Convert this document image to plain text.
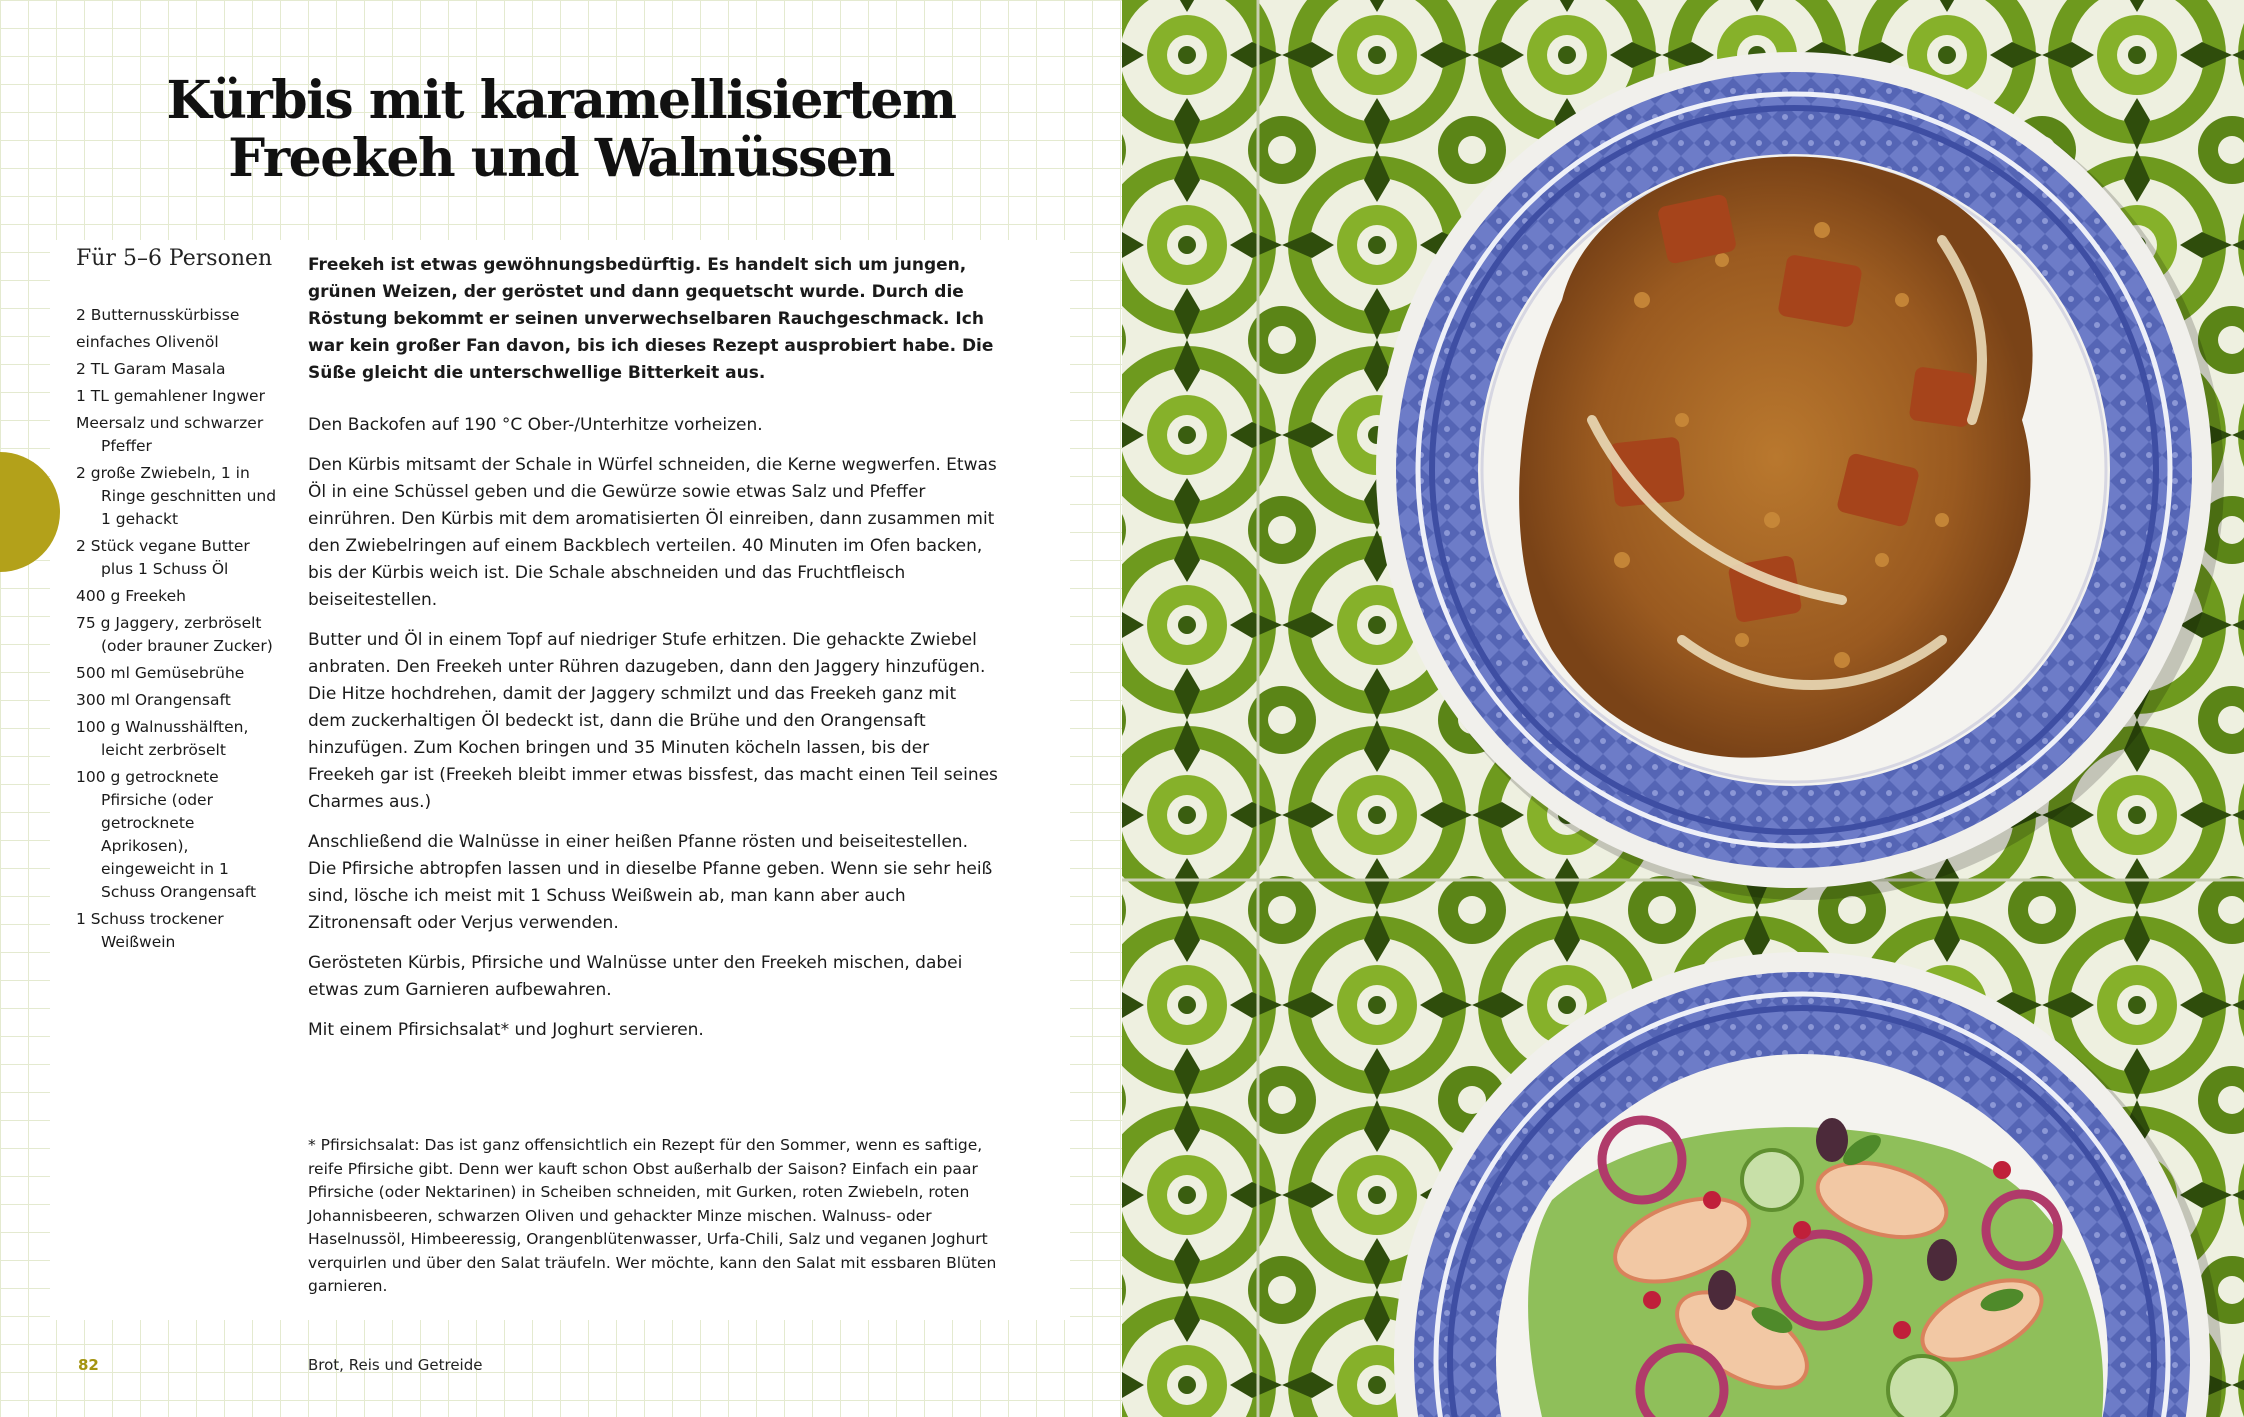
Kürbis mit karamellisiertem
Freekeh und Walnüssen
Für 5–6 Personen
2 Butternusskürbisse
einfaches Olivenöl
2 TL Garam Masala
1 TL gemahlener Ingwer
Meersalz und schwarzer Pfeffer
2 große Zwiebeln, 1 in Ringe geschnitten und 1 gehackt
2 Stück vegane Butter plus 1 Schuss Öl
400 g Freekeh
75 g Jaggery, zerbröselt (oder brauner Zucker)
500 ml Gemüsebrühe
300 ml Orangensaft
100 g Walnusshälften, leicht zerbröselt
100 g getrocknete Pfirsiche (oder getrocknete Aprikosen), eingeweicht in 1 Schuss Orangensaft
1 Schuss trockener Weißwein

Freekeh ist etwas gewöhnungsbedürftig. Es handelt sich um jungen, grünen Weizen, der geröstet und dann gequetscht wurde. Durch die Röstung bekommt er seinen unverwechselbaren Rauchgeschmack. Ich war kein großer Fan davon, bis ich dieses Rezept ausprobiert habe. Die Süße gleicht die unterschwellige Bitterkeit aus.

Den Backofen auf 190 °C Ober-/Unterhitze vorheizen.

Den Kürbis mitsamt der Schale in Würfel schneiden, die Kerne wegwerfen. Etwas Öl in eine Schüssel geben und die Gewürze sowie etwas Salz und Pfeffer einrühren. Den Kürbis mit dem aromatisierten Öl einreiben, dann zusammen mit den Zwiebelringen auf einem Backblech verteilen. 40 Minuten im Ofen backen, bis der Kürbis weich ist. Die Schale abschneiden und das Fruchtfleisch beiseitestellen.

Butter und Öl in einem Topf auf niedriger Stufe erhitzen. Die gehackte Zwiebel anbraten. Den Freekeh unter Rühren dazugeben, dann den Jaggery hinzufügen. Die Hitze hochdrehen, damit der Jaggery schmilzt und das Freekeh ganz mit dem zuckerhaltigen Öl bedeckt ist, dann die Brühe und den Orangensaft hinzufügen. Zum Kochen bringen und 35 Minuten köcheln lassen, bis der Freekeh gar ist (Freekeh bleibt immer etwas bissfest, das macht einen Teil seines Charmes aus.)

Anschließend die Walnüsse in einer heißen Pfanne rösten und beiseitestellen. Die Pfirsiche abtropfen lassen und in dieselbe Pfanne geben. Wenn sie sehr heiß sind, lösche ich meist mit 1 Schuss Weißwein ab, man kann aber auch Zitronensaft oder Verjus verwenden.

Gerösteten Kürbis, Pfirsiche und Walnüsse unter den Freekeh mischen, dabei etwas zum Garnieren aufbewahren.

Mit einem Pfirsichsalat* und Joghurt servieren.

* Pfirsichsalat: Das ist ganz offensichtlich ein Rezept für den Sommer, wenn es saftige, reife Pfirsiche gibt. Denn wer kauft schon Obst außerhalb der Saison? Einfach ein paar Pfirsiche (oder Nektarinen) in Scheiben schneiden, mit Gurken, roten Zwiebeln, roten Johannisbeeren, schwarzen Oliven und gehackter Minze mischen. Walnuss- oder Haselnussöl, Himbeeressig, Orangenblütenwasser, Urfa-Chili, Salz und veganen Joghurt verquirlen und über den Salat träufeln. Wer möchte, kann den Salat mit essbaren Blüten garnieren.

82	Brot, Reis und Getreide
